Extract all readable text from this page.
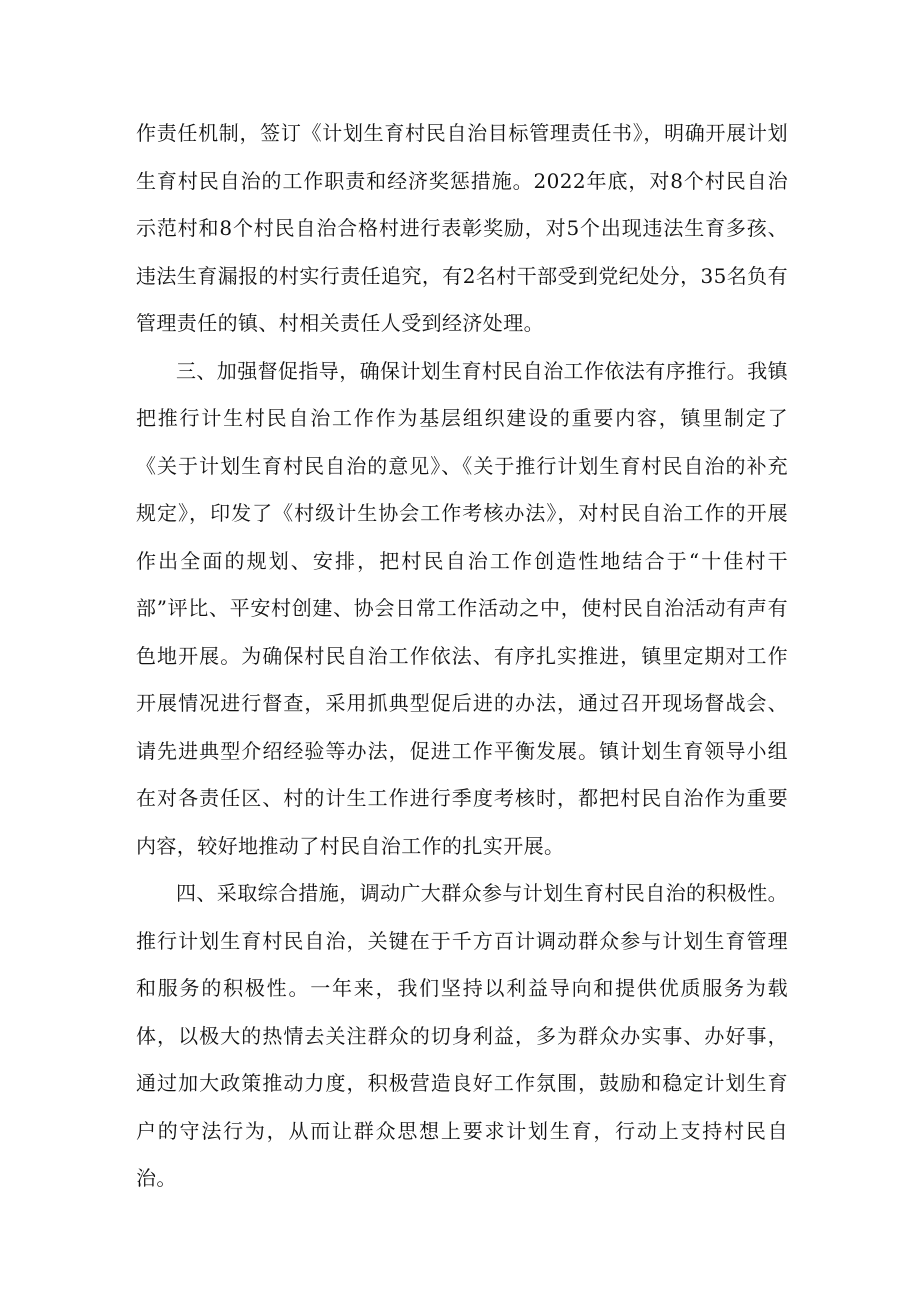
作责任机制，签订《计划生育村民自治目标管理责任书》，明确开展计划生育村民自治的工作职责和经济奖惩措施。2022年底，对8个村民自治示范村和8个村民自治合格村进行表彰奖励，对5个出现违法生育多孩、违法生育漏报的村实行责任追究，有2名村干部受到党纪处分，35名负有管理责任的镇、村相关责任人受到经济处理。

三、加强督促指导，确保计划生育村民自治工作依法有序推行。我镇把推行计生村民自治工作作为基层组织建设的重要内容，镇里制定了《关于计划生育村民自治的意见》、《关于推行计划生育村民自治的补充规定》，印发了《村级计生协会工作考核办法》，对村民自治工作的开展作出全面的规划、安排，把村民自治工作创造性地结合于“十佳村干部”评比、平安村创建、协会日常工作活动之中，使村民自治活动有声有色地开展。为确保村民自治工作依法、有序扎实推进，镇里定期对工作开展情况进行督查，采用抓典型促后进的办法，通过召开现场督战会、请先进典型介绍经验等办法，促进工作平衡发展。镇计划生育领导小组在对各责任区、村的计生工作进行季度考核时，都把村民自治作为重要内容，较好地推动了村民自治工作的扎实开展。

四、采取综合措施，调动广大群众参与计划生育村民自治的积极性。推行计划生育村民自治，关键在于千方百计调动群众参与计划生育管理和服务的积极性。一年来，我们坚持以利益导向和提供优质服务为载体，以极大的热情去关注群众的切身利益，多为群众办实事、办好事，通过加大政策推动力度，积极营造良好工作氛围，鼓励和稳定计划生育户的守法行为，从而让群众思想上要求计划生育，行动上支持村民自治。
